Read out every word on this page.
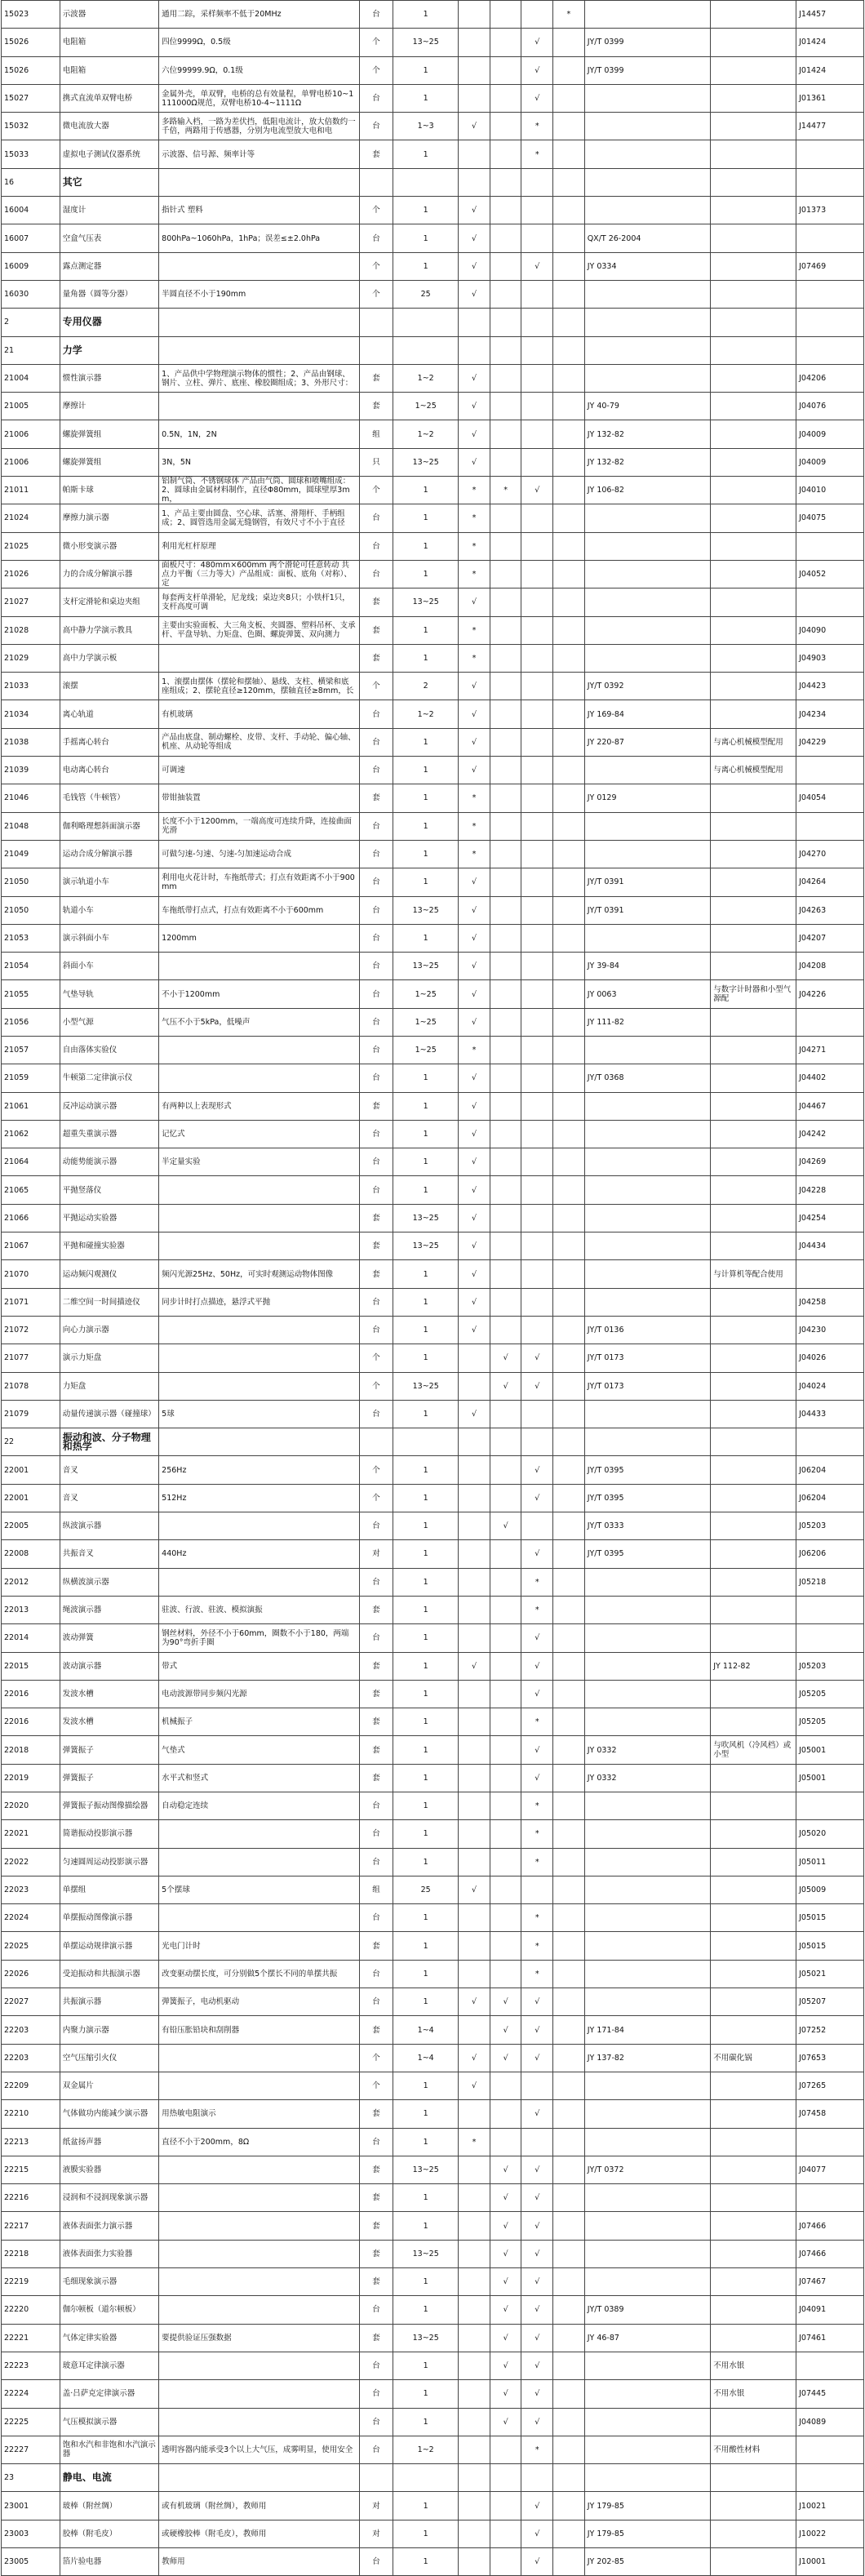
15023	示波器	通用二踪，采样频率不低于20MHz	台	1				*			J14457
15026	电阻箱	四位9999Ω，0.5级	个	13~25			√		JY/T 0399		J01424
15026	电阻箱	六位99999.9Ω，0.1级	个	1			√		JY/T 0399		J01424
15027	携式直流单双臂电桥	金属外壳，单双臂，电桥的总有效量程，单臂电桥10~1111000Ω规范，双臂电桥10-4~1111Ω	台	1			√				J01361
15032	微电流放大器	多路输入档，一路为差伏挡，低阻电流计，放大倍数约一千倍，两路用于传感器，分别为电流型放大电和电	台	1~3	√		*				J14477
15033	虚拟电子测试仪器系统	示波器、信号源、频率计等	套	1			*				
16	其它										
16004	湿度计	指针式 塑料	个	1	√						J01373
16007	空盒气压表	800hPa~1060hPa，1hPa；误差≤±2.0hPa	台	1	√				QX/T 26-2004		
16009	露点测定器		个	1	√		√		JY 0334		J07469
16030	量角器（圆等分器）	半圆直径不小于190mm	个	25	√						
2	专用仪器										
21	力学										
21004	惯性演示器	1、产品供中学物理演示物体的惯性；2、产品由钢球、钢片、立柱、弹片、底座、橡胶圈组成；3、外形尺寸：	套	1~2	√						J04206
21005	摩擦计		套	1~25	√				JY 40-79		J04076
21006	螺旋弹簧组	0.5N，1N，2N	组	1~2	√				JY 132-82		J04009
21006	螺旋弹簧组	3N，5N	只	13~25	√				JY 132-82		J04009
21011	帕斯卡球	铝制气筒、不锈钢球体 产品由气筒、圆球和喷嘴组成：2、圆球由金属材料制作，直径Φ80mm，圆球壁厚3mm，	个	1	*	*	√		JY 106-82		J04010
21024	摩擦力演示器	1、产品主要由圆盘、空心球、活塞、滑翔杆、手柄组成；2、圆管选用金属无缝钢管，有效尺寸不小于直径	台	1	*						J04075
21025	微小形变演示器	利用光杠杆原理	台	1	*						
21026	力的合成分解演示器	面板尺寸：480mm×600mm 两个滑轮可任意转动 共点力平衡（三力等大）产品组成：面板、底角（对称）、定	台	1	*						J04052
21027	支杆定滑轮和桌边夹组	每套两支杆单滑轮，尼龙线；桌边夹8只；小铁杆1只，支杆高度可调	套	13~25	√						
21028	高中静力学演示教具	主要由实验面板、大三角支板、夹圆器、塑料吊杯、支承杆、平盘导轨、力矩盘、色圈、螺旋弹簧、双向测力	套	1	*						J04090
21029	高中力学演示板		套	1	*						J04903
21033	滚摆	1、滚摆由摆体（摆轮和摆轴）、悬线、支柱、横梁和底座组成；2、摆轮直径≥120mm，摆轴直径≥8mm，长	个	2	√				JY/T 0392		J04423
21034	离心轨道	有机玻璃	台	1~2	√				JY 169-84		J04234
21038	手摇离心转台	产品由底盘、制动螺栓、皮带、支杆、手动轮、偏心轴、机座、从动轮等组成	台	1	√				JY 220-87	与离心机械模型配用	J04229
21039	电动离心转台	可调速	台	1	√					与离心机械模型配用	
21046	毛钱管（牛顿管）	带钳抽装置	套	1	*				JY 0129		J04054
21048	伽利略理想斜面演示器	长度不小于1200mm，一端高度可连续升降，连接曲面光滑	台	1	*						
21049	运动合成分解演示器	可做匀速-匀速、匀速-匀加速运动合成	台	1	*						J04270
21050	演示轨道小车	利用电火花计时，车拖纸带式；打点有效距离不小于900mm	台	1	√				JY/T 0391		J04264
21050	轨道小车	车拖纸带打点式，打点有效距离不小于600mm	台	13~25	√				JY/T 0391		J04263
21053	演示斜面小车	1200mm	台	1	√						J04207
21054	斜面小车		台	13~25	√				JY 39-84		J04208
21055	气垫导轨	不小于1200mm	台	1~25	√				JY 0063	与数字计时器和小型气源配	J04226
21056	小型气源	气压不小于5kPa，低噪声	台	1~25	√				JY 111-82		
21057	自由落体实验仪		台	1~25	*						J04271
21059	牛顿第二定律演示仪		台	1	√				JY/T 0368		J04402
21061	反冲运动演示器	有两种以上表现形式	套	1	√						J04467
21062	超重失重演示器	记忆式	台	1	√						J04242
21064	动能势能演示器	半定量实验	台	1	√						J04269
21065	平抛竖落仪		台	1	√						J04228
21066	平抛运动实验器		套	13~25	√						J04254
21067	平抛和碰撞实验器		套	13~25	√						J04434
21070	运动频闪观测仪	频闪光源25Hz、50Hz，可实时观测运动物体图像	套	1	√					与计算机等配合使用	
21071	二维空间一时间描迹仪	同步计时打点描迹，悬浮式平抛	台	1	√						J04258
21072	向心力演示器		台	1	√				JY/T 0136		J04230
21077	演示力矩盘		个	1		√	√		JY/T 0173		J04026
21078	力矩盘		个	13~25		√	√		JY/T 0173		J04024
21079	动量传递演示器（碰撞球）	5球	台	1	√						J04433
22	振动和波、分子物理和热学										
22001	音叉	256Hz	个	1			√		JY/T 0395		J06204
22001	音叉	512Hz	个	1			√		JY/T 0395		J06204
22005	纵波演示器		台	1		√			JY/T 0333		J05203
22008	共振音叉	440Hz	对	1			√		JY/T 0395		J06206
22012	纵横波演示器		台	1			*				J05218
22013	绳波演示器	驻波、行波、驻波、模拟演振	套	1			*				
22014	波动弹簧	钢丝材料，外径不小于60mm，圈数不小于180，两端为90°弯折手圈	台	1			√				
22015	波动演示器	带式	套	1	√		√			JY 112-82	J05203
22016	发波水槽	电动波源带同步频闪光源	套	1			√				J05205
22016	发波水槽	机械振子	套	1			*				J05205
22018	弹簧振子	气垫式	套	1			√		JY 0332	与吹风机（冷风档）或小型	J05001
22019	弹簧振子	水平式和竖式	套	1			√		JY 0332		J05001
22020	弹簧振子振动图像描绘器	自动稳定连续	台	1			*				
22021	简谐振动投影演示器		台	1			*				J05020
22022	匀速圆周运动投影演示器		台	1			*				J05011
22023	单摆组	5个摆球	组	25	√						J05009
22024	单摆振动图像演示器		台	1			*				J05015
22025	单摆运动规律演示器	光电门计时	套	1			*				J05015
22026	受迫振动和共振演示器	改变驱动摆长度，可分别做5个摆长不同的单摆共振	台	1			*				J05021
22027	共振演示器	弹簧振子，电动机驱动	台	1	√	√	√				J05207
22203	内聚力演示器	有铅压胀铅块和刮削器	套	1~4		√	√		JY 171-84		J07252
22203	空气压缩引火仪		个	1~4	√	√	√		JY 137-82	不用碳化锅	J07653
22209	双金属片		个	1	√						J07265
22210	气体做功内能减少演示器	用热敏电阻演示	套	1			√				J07458
22213	纸盆扬声器	直径不小于200mm，8Ω	台	1	*						
22215	液膜实验器		套	13~25		√	√		JY/T 0372		J04077
22216	浸润和不浸润现象演示器		套	1		√	√				
22217	液体表面张力演示器		套	1		√	√				J07466
22218	液体表面张力实验器		套	13~25		√	√				J07466
22219	毛细现象演示器		套	1		√	√				J07467
22220	伽尔顿板（道尔顿板）		台	1		√	√		JY/T 0389		J04091
22221	气体定律实验器	要提供验证压强数据	套	13~25		√	√		JY 46-87		J07461
22223	玻意耳定律演示器		台	1		√	√			不用水银	
22224	盖·吕萨克定律演示器		台	1		√	√			不用水银	J07445
22225	气压模拟演示器		台	1		√	√				J04089
22227	饱和水汽和非饱和水汽演示器	透明容器内能承受3个以上大气压，成雾明显，使用安全	台	1~2			*			不用酸性材料	
23	静电、电流										
23001	玻棒（附丝绸）	或有机玻璃（附丝绸），教师用	对	1			√		JY 179-85		J10021
23003	胶棒（附毛皮）	或硬橡胶棒（附毛皮），教师用	对	1			√		JY 179-85		J10022
23005	箔片验电器	教师用	台	1			√		JY 202-85		J10001
